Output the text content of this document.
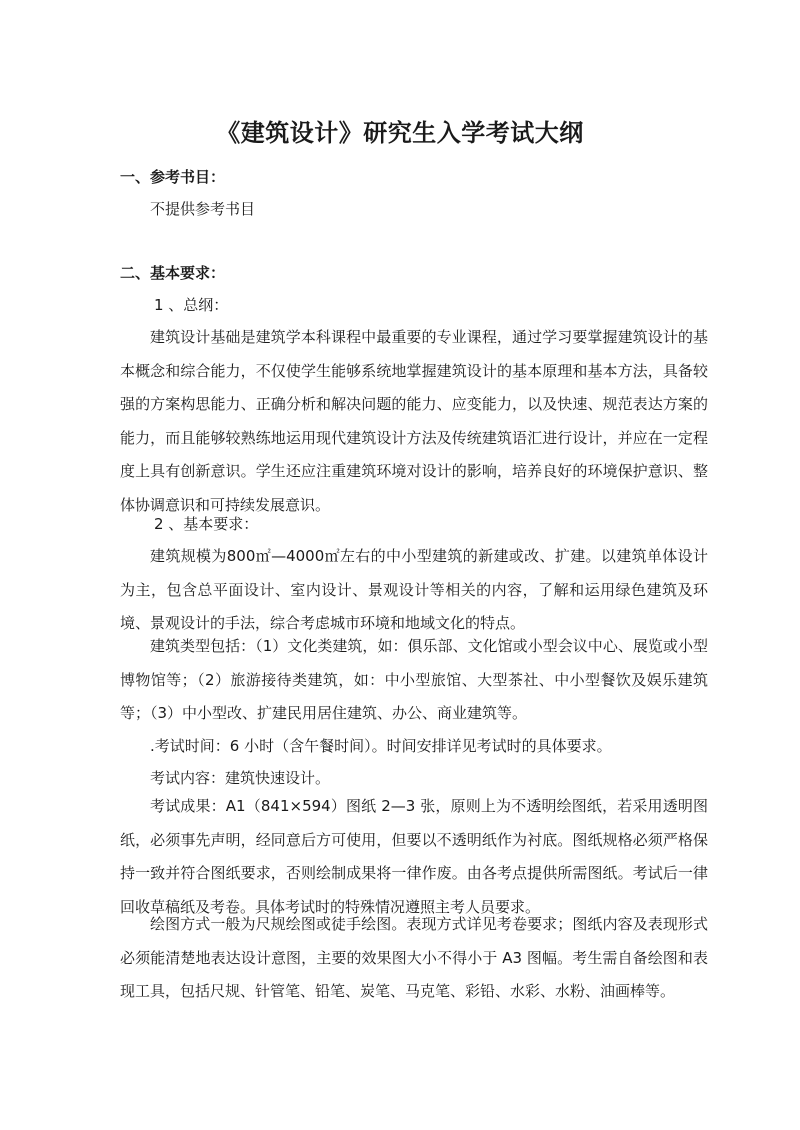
《建筑设计》研究生入学考试大纲
一、参考书目：
不提供参考书目
二、基本要求：
1 、总纲：

建筑设计基础是建筑学本科课程中最重要的专业课程，通过学习要掌握建筑设计的基本概念和综合能力，不仅使学生能够系统地掌握建筑设计的基本原理和基本方法，具备较强的方案构思能力、正确分析和解决问题的能力、应变能力，以及快速、规范表达方案的能力，而且能够较熟练地运用现代建筑设计方法及传统建筑语汇进行设计，并应在一定程度上具有创新意识。学生还应注重建筑环境对设计的影响，培养良好的环境保护意识、整体协调意识和可持续发展意识。

2 、基本要求：

建筑规模为800㎡—4000㎡左右的中小型建筑的新建或改、扩建。以建筑单体设计为主，包含总平面设计、室内设计、景观设计等相关的内容，了解和运用绿色建筑及环境、景观设计的手法，综合考虑城市环境和地域文化的特点。

建筑类型包括：（1）文化类建筑，如：俱乐部、文化馆或小型会议中心、展览或小型博物馆等；（2）旅游接待类建筑，如：中小型旅馆、大型茶社、中小型餐饮及娱乐建筑等；（3）中小型改、扩建民用居住建筑、办公、商业建筑等。

.考试时间：6 小时（含午餐时间）。时间安排详见考试时的具体要求。

考试内容：建筑快速设计。

考试成果：A1（841×594）图纸 2—3 张，原则上为不透明绘图纸，若采用透明图纸，必须事先声明，经同意后方可使用，但要以不透明纸作为衬底。图纸规格必须严格保持一致并符合图纸要求，否则绘制成果将一律作废。由各考点提供所需图纸。考试后一律回收草稿纸及考卷。具体考试时的特殊情况遵照主考人员要求。

绘图方式一般为尺规绘图或徒手绘图。表现方式详见考卷要求；图纸内容及表现形式必须能清楚地表达设计意图，主要的效果图大小不得小于 A3 图幅。考生需自备绘图和表现工具，包括尺规、针管笔、铅笔、炭笔、马克笔、彩铅、水彩、水粉、油画棒等。
